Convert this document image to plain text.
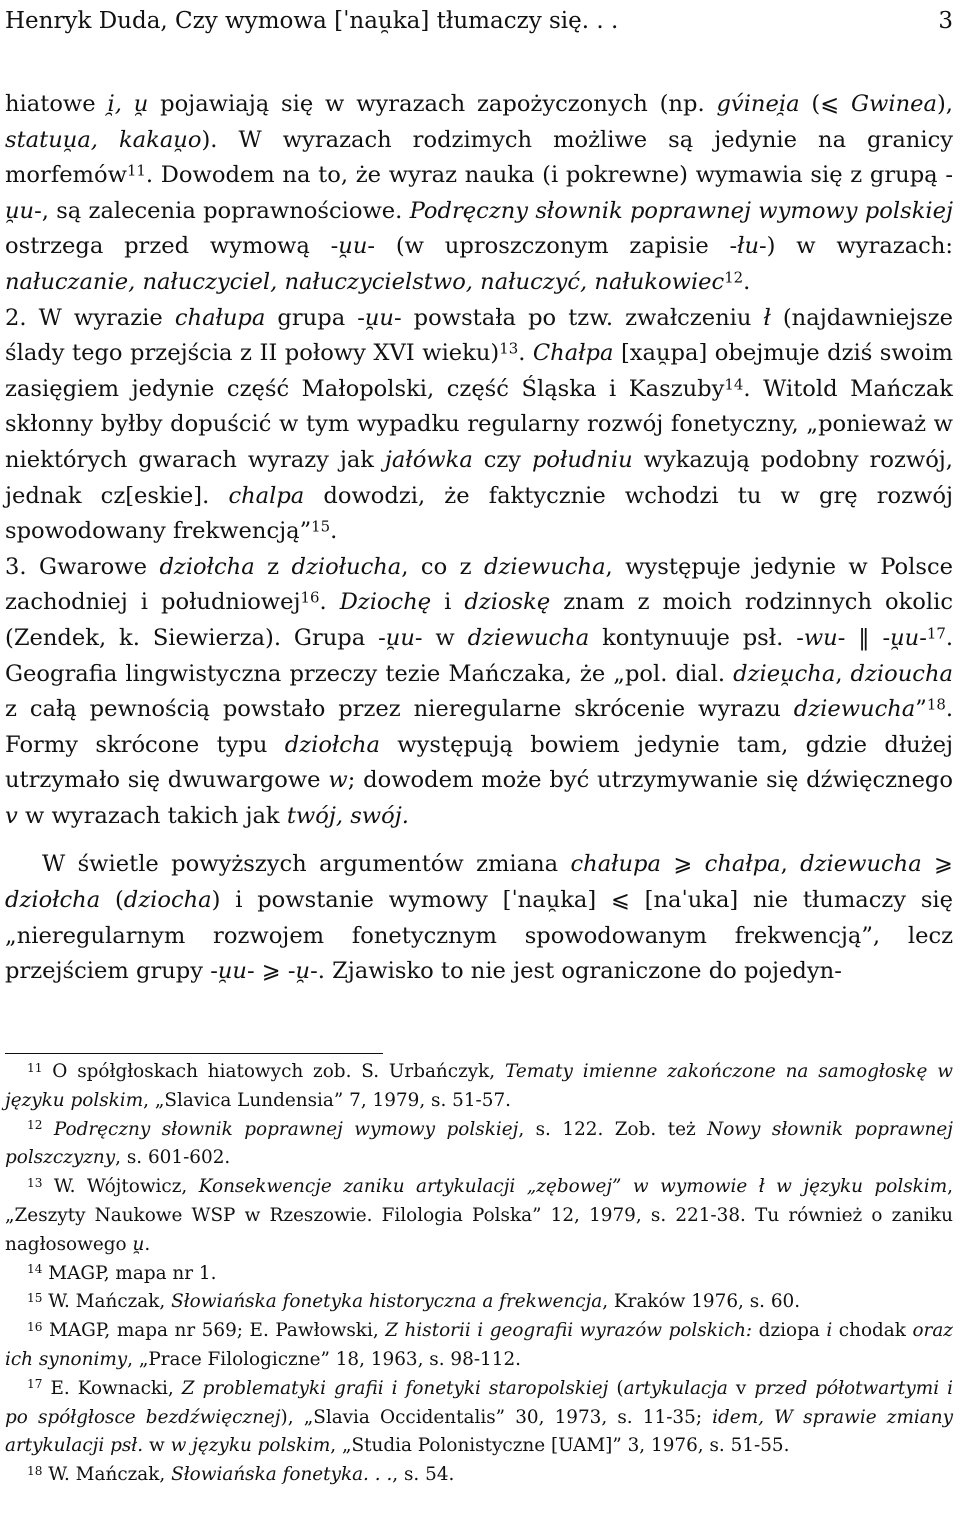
Henryk Duda, Czy wymowa [ˈnau̯ka] tłumaczy się. . .	3

hiatowe i̯, u̯ pojawiają się w wyrazach zapożyczonych (np. gv́inei̯a (⩽ Gwinea), statuu̯a, kakau̯o). W wyrazach rodzimych możliwe są jedynie na granicy morfemów$^{11}$. Dowodem na to, że wyraz nauka (i pokrewne) wymawia się z grupą -u̯u-, są zalecenia poprawnościowe. Podręczny słownik poprawnej wymowy polskiej ostrzega przed wymową -u̯u- (w uproszczonym zapisie -łu-) w wyrazach: nałuczanie, nałuczyciel, nałuczycielstwo, nałuczyć, nałukowiec$^{12}$.

2. W wyrazie chałupa grupa -u̯u- powstała po tzw. zwałczeniu ł (najdawniejsze ślady tego przejścia z II połowy XVI wieku)$^{13}$. Chałpa [xau̯pa] obejmuje dziś swoim zasięgiem jedynie część Małopolski, część Śląska i Kaszuby$^{14}$. Witold Mańczak skłonny byłby dopuścić w tym wypadku regularny rozwój fonetyczny, „ponieważ w niektórych gwarach wyrazy jak jałówka czy południu wykazują podobny rozwój, jednak cz[eskie]. chalpa dowodzi, że faktycznie wchodzi tu w grę rozwój spowodowany frekwencją”$^{15}$.

3. Gwarowe dziołcha z dziołucha, co z dziewucha, występuje jedynie w Polsce zachodniej i południowej$^{16}$. Dziochę i dzioskę znam z moich rodzinnych okolic (Zendek, k. Siewierza). Grupa -u̯u- w dziewucha kontynuuje psł. -wu- ‖ -u̯u-$^{17}$. Geografia lingwistyczna przeczy tezie Mańczaka, że „pol. dial. dzieu̯cha, dzioucha z całą pewnością powstało przez nieregularne skrócenie wyrazu dziewucha”$^{18}$. Formy skrócone typu dziołcha występują bowiem jedynie tam, gdzie dłużej utrzymało się dwuwargowe w; dowodem może być utrzymywanie się dźwięcznego v w wyrazach takich jak twój, swój.

W świetle powyższych argumentów zmiana chałupa ⩾ chałpa, dziewucha ⩾ dziołcha (dziocha) i powstanie wymowy [ˈnau̯ka] ⩽ [naˈuka] nie tłumaczy się „nieregularnym rozwojem fonetycznym spowodowanym frekwencją”, lecz przejściem grupy -u̯u- ⩾ -u̯-. Zjawisko to nie jest ograniczone do pojedyn-

$^{11}$ O spółgłoskach hiatowych zob. S. Urbańczyk, Tematy imienne zakończone na samogłoskę w języku polskim, „Slavica Lundensia” 7, 1979, s. 51-57.

$^{12}$ Podręczny słownik poprawnej wymowy polskiej, s. 122. Zob. też Nowy słownik poprawnej polszczyzny, s. 601-602.

$^{13}$ W. Wójtowicz, Konsekwencje zaniku artykulacji „zębowej” w wymowie ł w języku polskim, „Zeszyty Naukowe WSP w Rzeszowie. Filologia Polska” 12, 1979, s. 221-38. Tu również o zaniku nagłosowego u̯.

$^{14}$ MAGP, mapa nr 1.

$^{15}$ W. Mańczak, Słowiańska fonetyka historyczna a frekwencja, Kraków 1976, s. 60.

$^{16}$ MAGP, mapa nr 569; E. Pawłowski, Z historii i geografii wyrazów polskich: dziopa i chodak oraz ich synonimy, „Prace Filologiczne” 18, 1963, s. 98-112.

$^{17}$ E. Kownacki, Z problematyki grafii i fonetyki staropolskiej (artykulacja v przed półotwartymi i po spółgłosce bezdźwięcznej), „Slavia Occidentalis” 30, 1973, s. 11-35; idem, W sprawie zmiany artykulacji psł. w w języku polskim, „Studia Polonistyczne [UAM]” 3, 1976, s. 51-55.

$^{18}$ W. Mańczak, Słowiańska fonetyka. . ., s. 54.
